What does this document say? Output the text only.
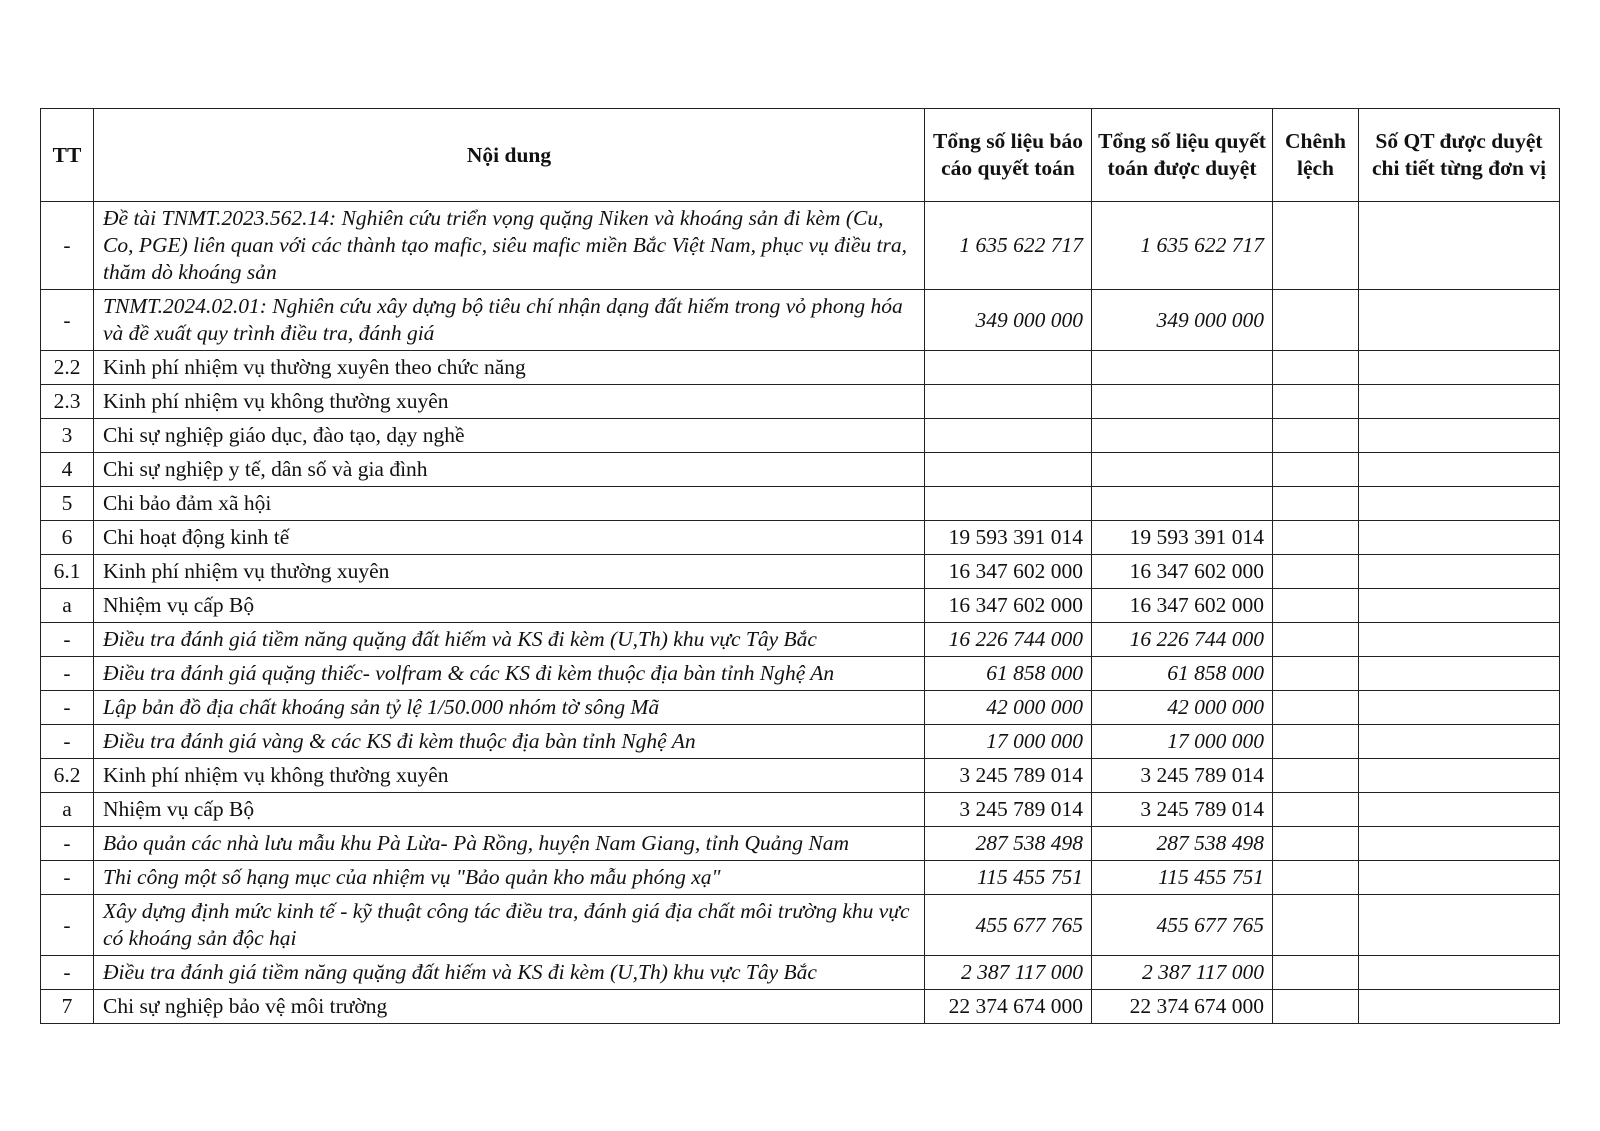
TT	Nội dung	Tổng số liệu báo cáo quyết toán	Tổng số liệu quyết toán được duyệt	Chênh lệch	Số QT được duyệt chi tiết từng đơn vị
-	Đề tài TNMT.2023.562.14: Nghiên cứu triển vọng quặng Niken và khoáng sản đi kèm (Cu, Co, PGE) liên quan với các thành tạo mafic, siêu mafic miền Bắc Việt Nam, phục vụ điều tra, thăm dò khoáng sản	1 635 622 717	1 635 622 717		
-	TNMT.2024.02.01: Nghiên cứu xây dựng bộ tiêu chí nhận dạng đất hiếm trong vỏ phong hóa và đề xuất quy trình điều tra, đánh giá	349 000 000	349 000 000		
2.2	Kinh phí nhiệm vụ thường xuyên theo chức năng				
2.3	Kinh phí nhiệm vụ không thường xuyên				
3	Chi sự nghiệp giáo dục, đào tạo, dạy nghề				
4	Chi sự nghiệp y tế, dân số và gia đình				
5	Chi bảo đảm xã hội				
6	Chi hoạt động kinh tế	19 593 391 014	19 593 391 014		
6.1	Kinh phí nhiệm vụ thường xuyên	16 347 602 000	16 347 602 000		
a	Nhiệm vụ cấp Bộ	16 347 602 000	16 347 602 000		
-	Điều tra đánh giá tiềm năng quặng đất hiếm và KS đi kèm (U,Th) khu vực Tây Bắc	16 226 744 000	16 226 744 000		
-	Điều tra đánh giá quặng thiếc- volfram & các KS đi kèm thuộc địa bàn tỉnh Nghệ An	61 858 000	61 858 000		
-	Lập bản đồ địa chất khoáng sản tỷ lệ 1/50.000 nhóm tờ sông Mã	42 000 000	42 000 000		
-	Điều tra đánh giá vàng & các KS đi kèm thuộc địa bàn tỉnh Nghệ An	17 000 000	17 000 000		
6.2	Kinh phí nhiệm vụ không thường xuyên	3 245 789 014	3 245 789 014		
a	Nhiệm vụ cấp Bộ	3 245 789 014	3 245 789 014		
-	Bảo quản các nhà lưu mẫu khu Pà Lừa- Pà Rồng, huyện Nam Giang, tỉnh Quảng Nam	287 538 498	287 538 498		
-	Thi công một số hạng mục của nhiệm vụ "Bảo quản kho mẫu phóng xạ"	115 455 751	115 455 751		
-	Xây dựng định mức kinh tế - kỹ thuật công tác điều tra, đánh giá địa chất môi trường khu vực có khoáng sản độc hại	455 677 765	455 677 765		
-	Điều tra đánh giá tiềm năng quặng đất hiếm và KS đi kèm (U,Th) khu vực Tây Bắc	2 387 117 000	2 387 117 000		
7	Chi sự nghiệp bảo vệ môi trường	22 374 674 000	22 374 674 000		
